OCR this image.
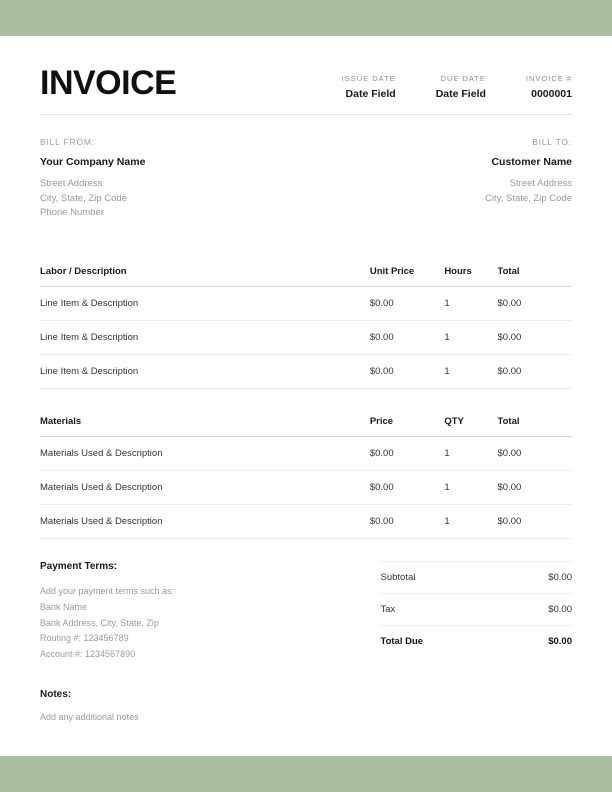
INVOICE	ISSUE DATE
Date Field
DUE DATE
Date Field
INVOICE #
0000001
BILL FROM:
Your Company Name
Street Address
City, State, Zip Code
Phone Number
BILL TO:
Customer Name
Street Address
City, State, Zip Code
Labor / Description	Unit Price	Hours	Total
Line Item & Description	$0.00	1	$0.00
Line Item & Description	$0.00	1	$0.00
Line Item & Description	$0.00	1	$0.00
Materials	Price	QTY	Total
Materials Used & Description	$0.00	1	$0.00
Materials Used & Description	$0.00	1	$0.00
Materials Used & Description	$0.00	1	$0.00
Payment Terms:
Add your payment terms such as:
Bank Name
Bank Address, City, State, Zip
Routing #: 123456789
Account #: 1234567890
Notes:
Add any additional notes
Subtotal	$0.00
Tax	$0.00
Total Due	$0.00
